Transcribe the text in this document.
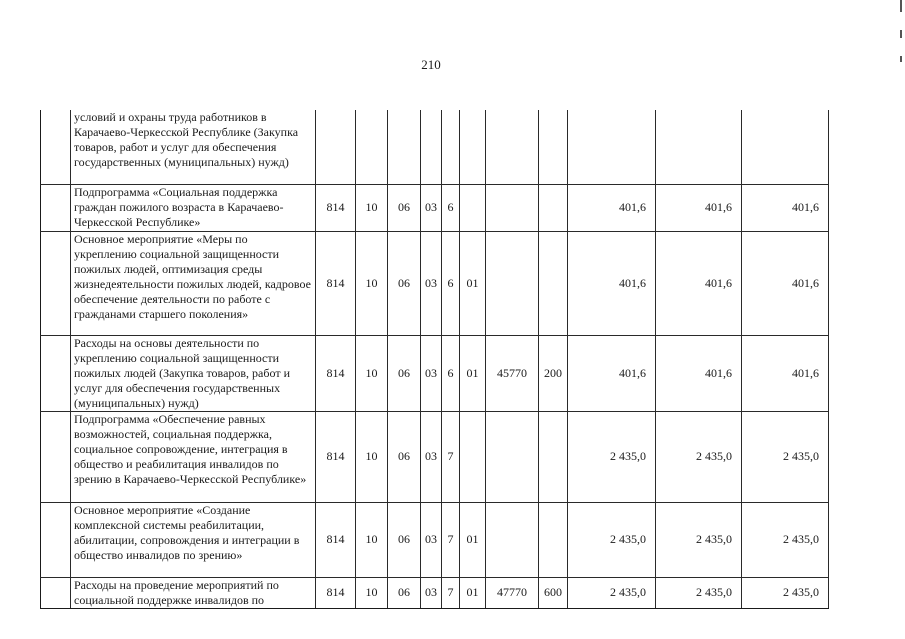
210
	условий и охраны труда работников в Карачаево-Черкесской Республике (Закупка товаров, работ и услуг для обеспечения государственных (муниципальных) нужд)											
	Подпрограмма «Социальная поддержка граждан пожилого возраста в Карачаево-Черкесской Республике»	814	10	06	03	6				401,6	401,6	401,6
	Основное мероприятие «Меры по укреплению социальной защищенности пожилых людей, оптимизация среды жизнедеятельности пожилых людей, кадровое обеспечение деятельности по работе с гражданами старшего поколения»	814	10	06	03	6	01			401,6	401,6	401,6
	Расходы на основы деятельности по укреплению социальной защищенности пожилых людей (Закупка товаров, работ и услуг для обеспечения государственных (муниципальных) нужд)	814	10	06	03	6	01	45770	200	401,6	401,6	401,6
	Подпрограмма «Обеспечение равных возможностей, социальная поддержка, социальное сопровождение, интеграция в общество и реабилитация инвалидов по зрению в Карачаево-Черкесской Республике»	814	10	06	03	7				2 435,0	2 435,0	2 435,0
	Основное мероприятие «Создание комплексной системы реабилитации, абилитации, сопровождения и интеграции в общество инвалидов по зрению»	814	10	06	03	7	01			2 435,0	2 435,0	2 435,0
	Расходы на проведение мероприятий по социальной поддержке инвалидов по	814	10	06	03	7	01	47770	600	2 435,0	2 435,0	2 435,0
